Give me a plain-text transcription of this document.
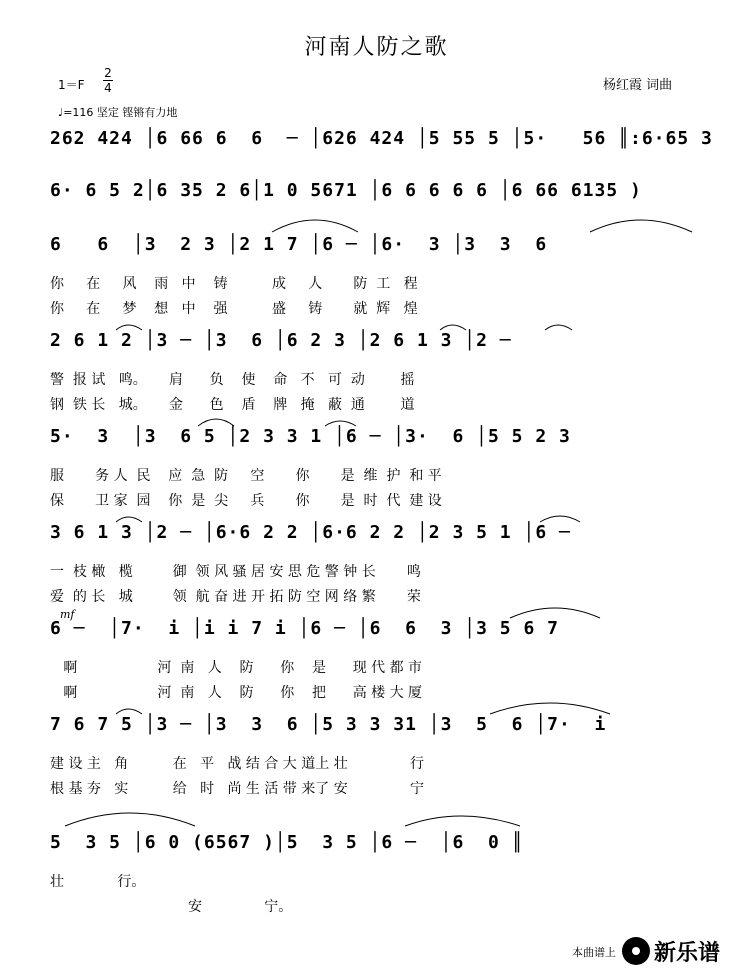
河南人防之歌
杨红霞 词曲
1＝F
2
4
♩=116 坚定 铿锵有力地
262 424 │6 66 6  6  ─ │626 424 │5 55 5 │5·   56 ║:6·65 3
6· 6 5 2│6 35 2 6│1 0 5671 │6 6 6 6 6 │6 66 6135 )
6   6  │3  2 3 │2 1 7 │6 ─ │6·  3 │3  3  6
你     在     风    雨   中    铸          成     人       防  工   程
你     在     梦    想   中    强          盛     铸       就  辉   煌
2 6 1 2 │3 ─ │3  6 │6 2 3 │2 6 1 3 │2 ─
警  报 试   鸣。     肩      负    使    命   不   可  动        摇
钢  铁 长   城。     金      色    盾    牌   掩   蔽  通        道
5·  3  │3  6 5 │2 3 3 1 │6 ─ │3·  6 │5 5 2 3
服       务 人  民    应  急  防     空       你       是  维  护  和 平
保       卫 家  园    你  是  尖     兵       你       是  时  代  建 设
3 6 1 3 │2 ─ │6·6 2 2 │6·6 2 2 │2 3 5 1 │6 ─
一  枝 橄   榄         御  领 风 骚 居 安 思 危 警 钟 长       鸣
爱  的 长   城         领  航 奋 进 开 拓 防 空 网 络 繁       荣
mf
6 ─  │7·  i │i i 7 i │6 ─ │6  6  3 │3 5 6 7
啊                  河  南   人    防      你    是      现 代 都 市
啊                  河  南   人    防      你    把      高 楼 大 厦
7 6 7 5 │3 ─ │3  3  6 │5 3 3 31 │3  5  6 │7·  i
建 设 主   角          在   平   战 结 合 大 道上 壮              行
根 基 夯   实          给   时   尚 生 活 带 来了 安              宁
5  3 5 │6 0 (6567 )│5  3 5 │6 ─  │6  0 ║
壮            行。
安              宁。
本曲谱上 新乐谱
